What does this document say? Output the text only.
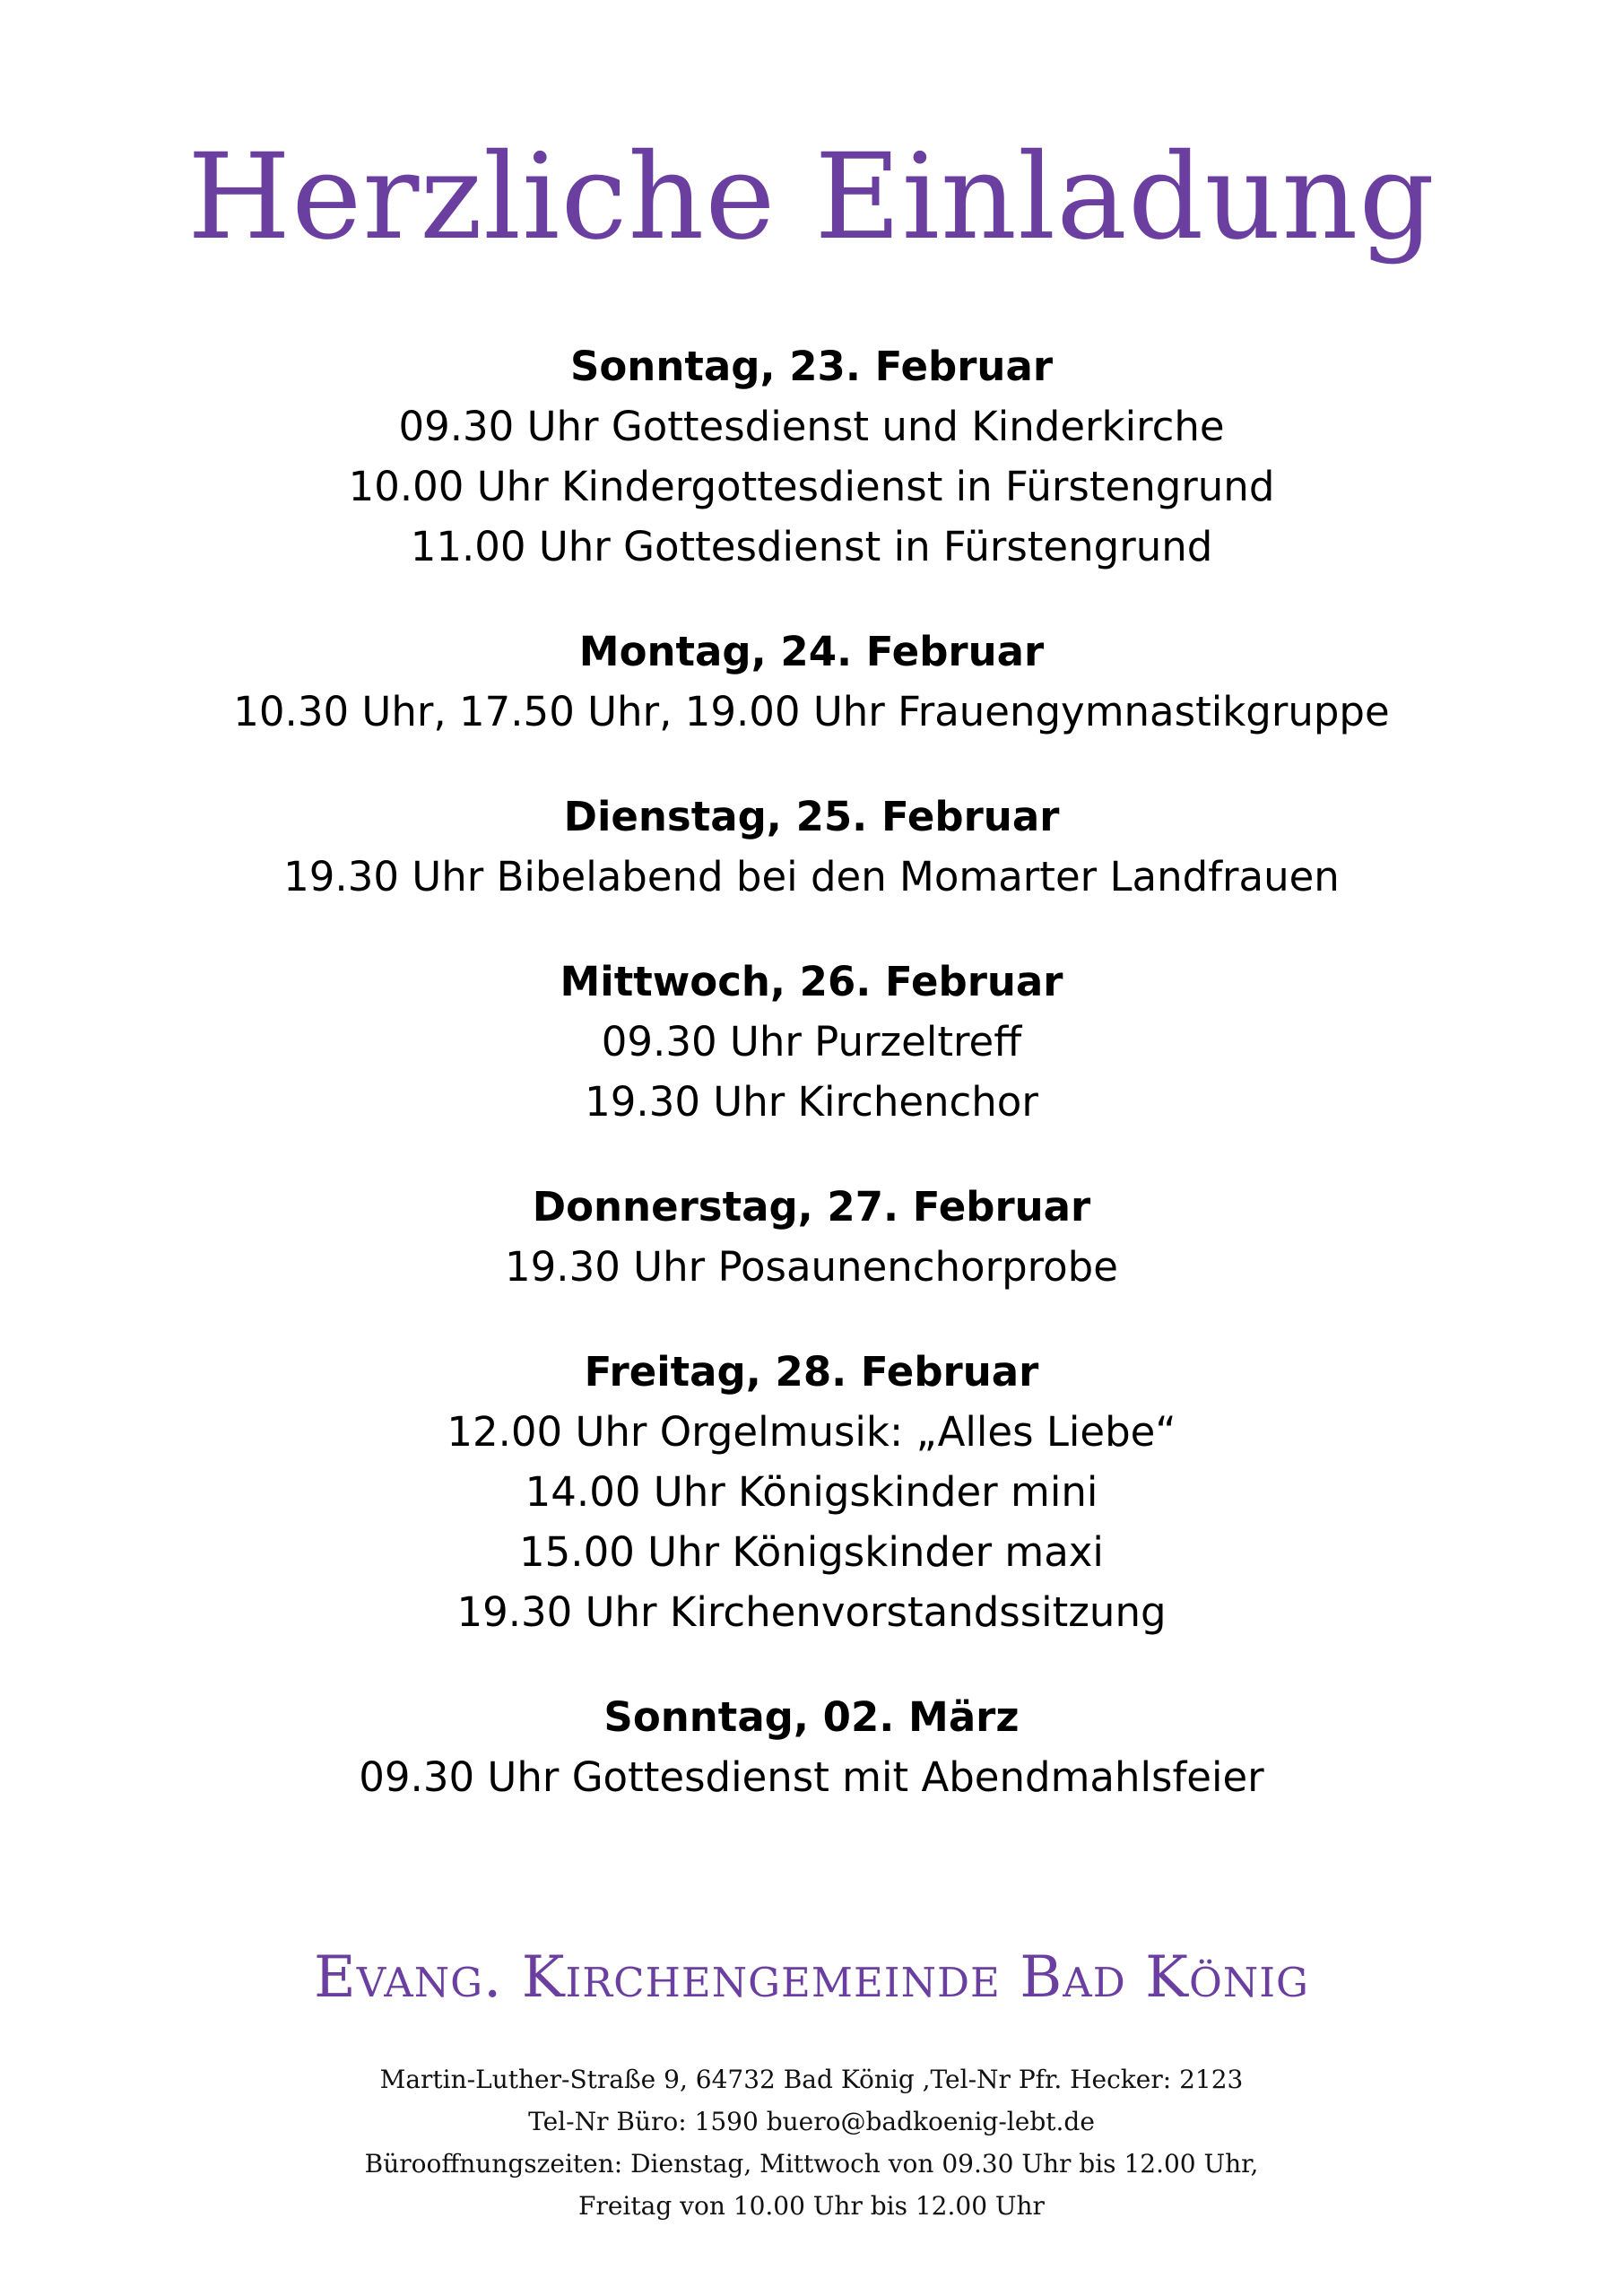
Herzliche Einladung

Sonntag, 23. Februar

09.30 Uhr Gottesdienst und Kinderkirche

10.00 Uhr Kindergottesdienst in Fürstengrund

11.00 Uhr Gottesdienst in Fürstengrund

Montag, 24. Februar

10.30 Uhr, 17.50 Uhr, 19.00 Uhr Frauengymnastikgruppe

Dienstag, 25. Februar

19.30 Uhr Bibelabend bei den Momarter Landfrauen

Mittwoch, 26. Februar

09.30 Uhr Purzeltreff

19.30 Uhr Kirchenchor

Donnerstag, 27. Februar

19.30 Uhr Posaunenchorprobe

Freitag, 28. Februar

12.00 Uhr Orgelmusik: „Alles Liebe“

14.00 Uhr Königskinder mini

15.00 Uhr Königskinder maxi

19.30 Uhr Kirchenvorstandssitzung

Sonntag, 02. März

09.30 Uhr Gottesdienst mit Abendmahlsfeier

Evang. Kirchengemeinde Bad König

Martin-Luther-Straße 9, 64732 Bad König ,Tel-Nr Pfr. Hecker: 2123

Tel-Nr Büro: 1590 buero@badkoenig-lebt.de

Bürooffnungszeiten: Dienstag, Mittwoch von 09.30 Uhr bis 12.00 Uhr,

Freitag von 10.00 Uhr bis 12.00 Uhr
